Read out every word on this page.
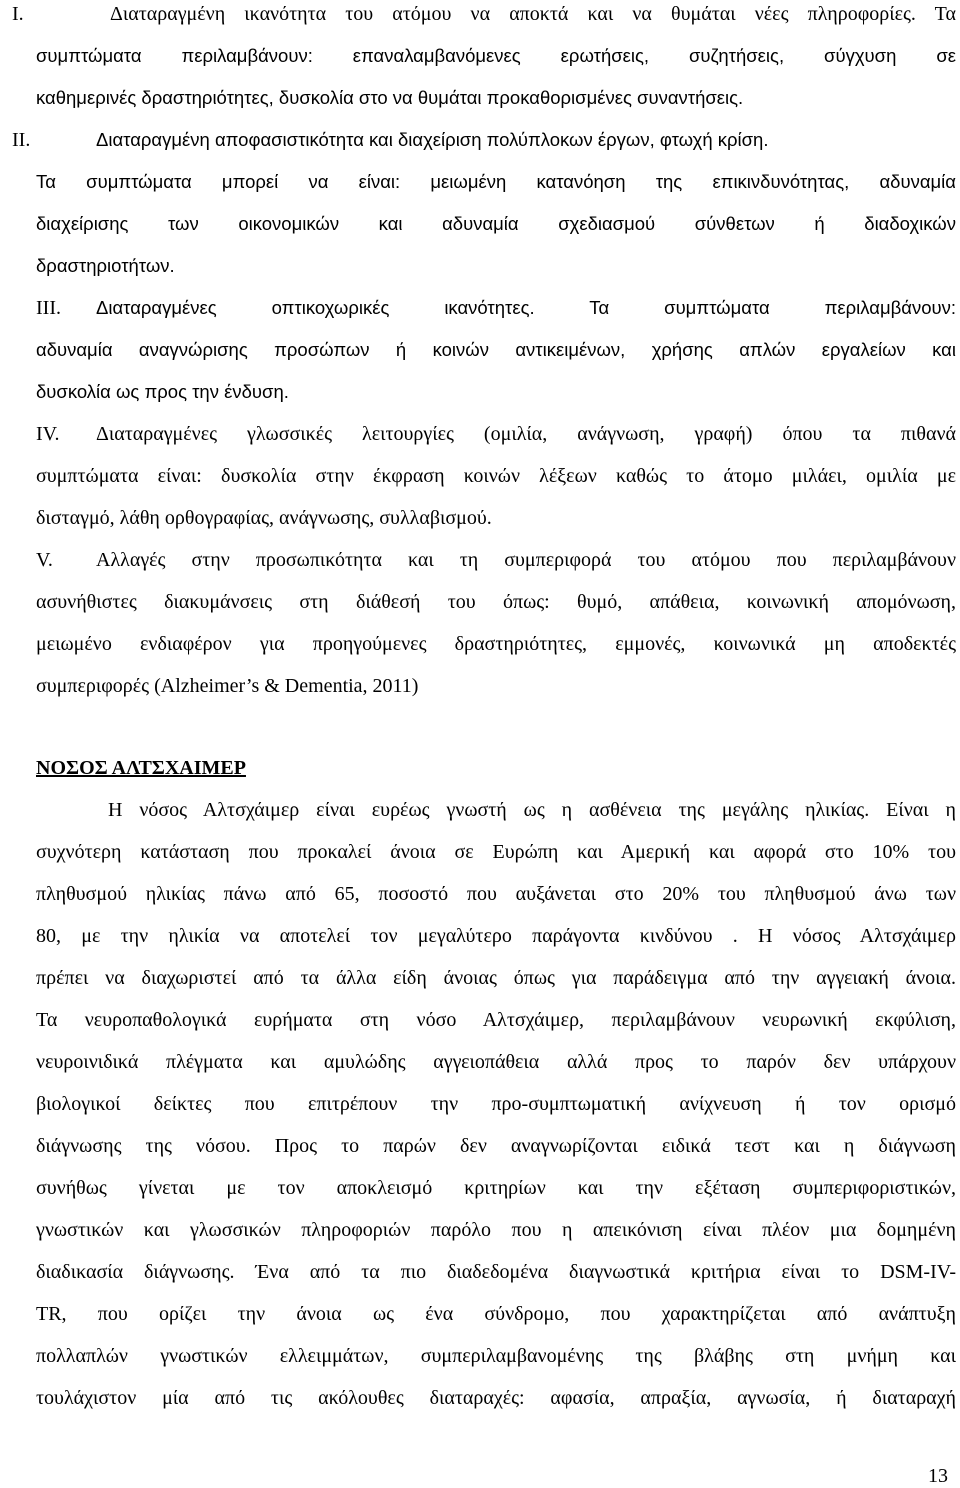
I.	Διαταραγμένη ικανότητα του ατόμου να αποκτά και να θυμάται νέες πληροφορίες. Τα
συμπτώματα περιλαμβάνουν: επαναλαμβανόμενες ερωτήσεις, συζητήσεις, σύγχυση σε
καθημερινές δραστηριότητες, δυσκολία στο να θυμάται προκαθορισμένες συναντήσεις.
II.	Διαταραγμένη αποφασιστικότητα και διαχείριση πολύπλοκων έργων, φτωχή κρίση.
Τα συμπτώματα μπορεί να είναι: μειωμένη κατανόηση της επικινδυνότητας, αδυναμία
διαχείρισης των οικονομικών και αδυναμία σχεδιασμού σύνθετων ή διαδοχικών
δραστηριοτήτων.
III. Διαταραγμένες οπτικοχωρικές ικανότητες. Τα συμπτώματα περιλαμβάνουν:
αδυναμία αναγνώρισης προσώπων ή κοινών αντικειμένων, χρήσης απλών εργαλείων και
δυσκολία ως προς την ένδυση.
IV. Διαταραγμένες γλωσσικές λειτουργίες (ομιλία, ανάγνωση, γραφή) όπου τα πιθανά
συμπτώματα είναι: δυσκολία στην έκφραση κοινών λέξεων καθώς το άτομο μιλάει, ομιλία με
δισταγμό, λάθη ορθογραφίας, ανάγνωσης, συλλαβισμού.
V. Αλλαγές στην προσωπικότητα και τη συμπεριφορά του ατόμου που περιλαμβάνουν
ασυνήθιστες διακυμάνσεις στη διάθεσή του όπως: θυμό, απάθεια, κοινωνική απομόνωση,
μειωμένο ενδιαφέρον για προηγούμενες δραστηριότητες, εμμονές, κοινωνικά μη αποδεκτές
συμπεριφορές (Alzheimer’s & Dementia, 2011)
ΝΟΣΟΣ ΑΛΤΣΧΑΙΜΕΡ
Η νόσος Αλτσχάιμερ είναι ευρέως γνωστή ως η ασθένεια της μεγάλης ηλικίας. Είναι η
συχνότερη κατάσταση που προκαλεί άνοια σε Ευρώπη και Αμερική και αφορά στο 10% του
πληθυσμού ηλικίας πάνω από 65, ποσοστό που αυξάνεται στο 20% του πληθυσμού άνω των
80, με την ηλικία να αποτελεί τον μεγαλύτερο παράγοντα κινδύνου . Η νόσος Αλτσχάιμερ
πρέπει να διαχωριστεί από τα άλλα είδη άνοιας όπως για παράδειγμα από την αγγειακή άνοια.
Τα νευροπαθολογικά ευρήματα στη νόσο Αλτσχάιμερ, περιλαμβάνουν νευρωνική εκφύλιση,
νευροινιδικά πλέγματα και αμυλώδης αγγειοπάθεια αλλά προς το παρόν δεν υπάρχουν
βιολογικοί δείκτες που επιτρέπουν την προ-συμπτωματική ανίχνευση ή τον ορισμό
διάγνωσης της νόσου. Προς το παρών δεν αναγνωρίζονται ειδικά τεστ και η διάγνωση
συνήθως γίνεται με τον αποκλεισμό κριτηρίων και την εξέταση συμπεριφοριστικών,
γνωστικών και γλωσσικών πληροφοριών παρόλο που η απεικόνιση είναι πλέον μια δομημένη
διαδικασία διάγνωσης. Ένα από τα πιο διαδεδομένα διαγνωστικά κριτήρια είναι το DSM-IV-
TR, που ορίζει την άνοια ως ένα σύνδρομο, που χαρακτηρίζεται από ανάπτυξη
πολλαπλών γνωστικών ελλειμμάτων, συμπεριλαμβανομένης της βλάβης στη μνήμη και
τουλάχιστον μία από τις ακόλουθες διαταραχές: αφασία, απραξία, αγνωσία, ή διαταραχή
13
